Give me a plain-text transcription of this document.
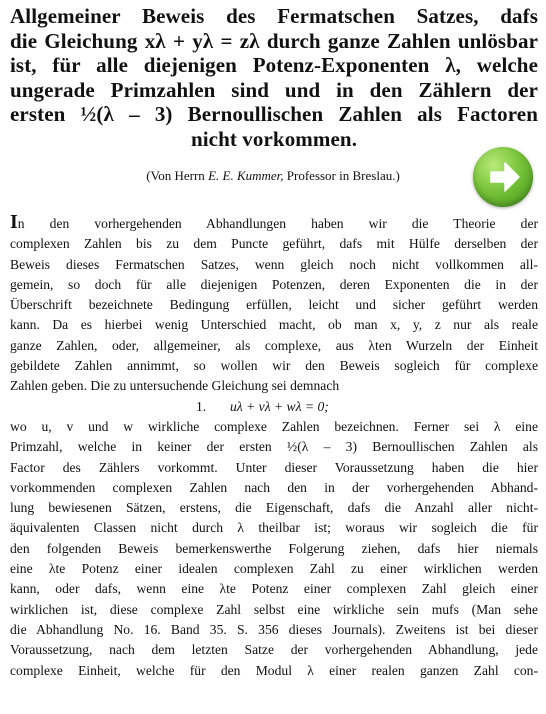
Allgemeiner Beweis des Fermatschen Satzes, dafs
die Gleichung xλ + yλ = zλ durch ganze Zahlen unlösbar
ist, für alle diejenigen Potenz-Exponenten λ, welche
ungerade Primzahlen sind und in den Zählern der
ersten ½(λ – 3) Bernoullischen Zahlen als Factoren
nicht vorkommen.
(Von Herrn E. E. Kummer, Professor in Breslau.)
In den vorhergehenden Abhandlungen haben wir die Theorie der
complexen Zahlen bis zu dem Puncte geführt, dafs mit Hülfe derselben der
Beweis dieses Fermatschen Satzes, wenn gleich noch nicht vollkommen all-
gemein, so doch für alle diejenigen Potenzen, deren Exponenten die in der
Überschrift bezeichnete Bedingung erfüllen, leicht und sicher geführt werden
kann. Da es hierbei wenig Unterschied macht, ob man x, y, z nur als reale
ganze Zahlen, oder, allgemeiner, als complexe, aus λten Wurzeln der Einheit
gebildete Zahlen annimmt, so wollen wir den Beweis sogleich für complexe
Zahlen geben. Die zu untersuchende Gleichung sei demnach
1. uλ + vλ + wλ = 0;
wo u, v und w wirkliche complexe Zahlen bezeichnen. Ferner sei λ eine
Primzahl, welche in keiner der ersten ½(λ – 3) Bernoullischen Zahlen als
Factor des Zählers vorkommt. Unter dieser Voraussetzung haben die hier
vorkommenden complexen Zahlen nach den in der vorhergehenden Abhand-
lung bewiesenen Sätzen, erstens, die Eigenschaft, dafs die Anzahl aller nicht-
äquivalenten Classen nicht durch λ theilbar ist; woraus wir sogleich die für
den folgenden Beweis bemerkenswerthe Folgerung ziehen, dafs hier niemals
eine λte Potenz einer idealen complexen Zahl zu einer wirklichen werden
kann, oder dafs, wenn eine λte Potenz einer complexen Zahl gleich einer
wirklichen ist, diese complexe Zahl selbst eine wirkliche sein mufs (Man sehe
die Abhandlung No. 16. Band 35. S. 356 dieses Journals). Zweitens ist bei dieser
Voraussetzung, nach dem letzten Satze der vorhergehenden Abhandlung, jede
complexe Einheit, welche für den Modul λ einer realen ganzen Zahl con-
